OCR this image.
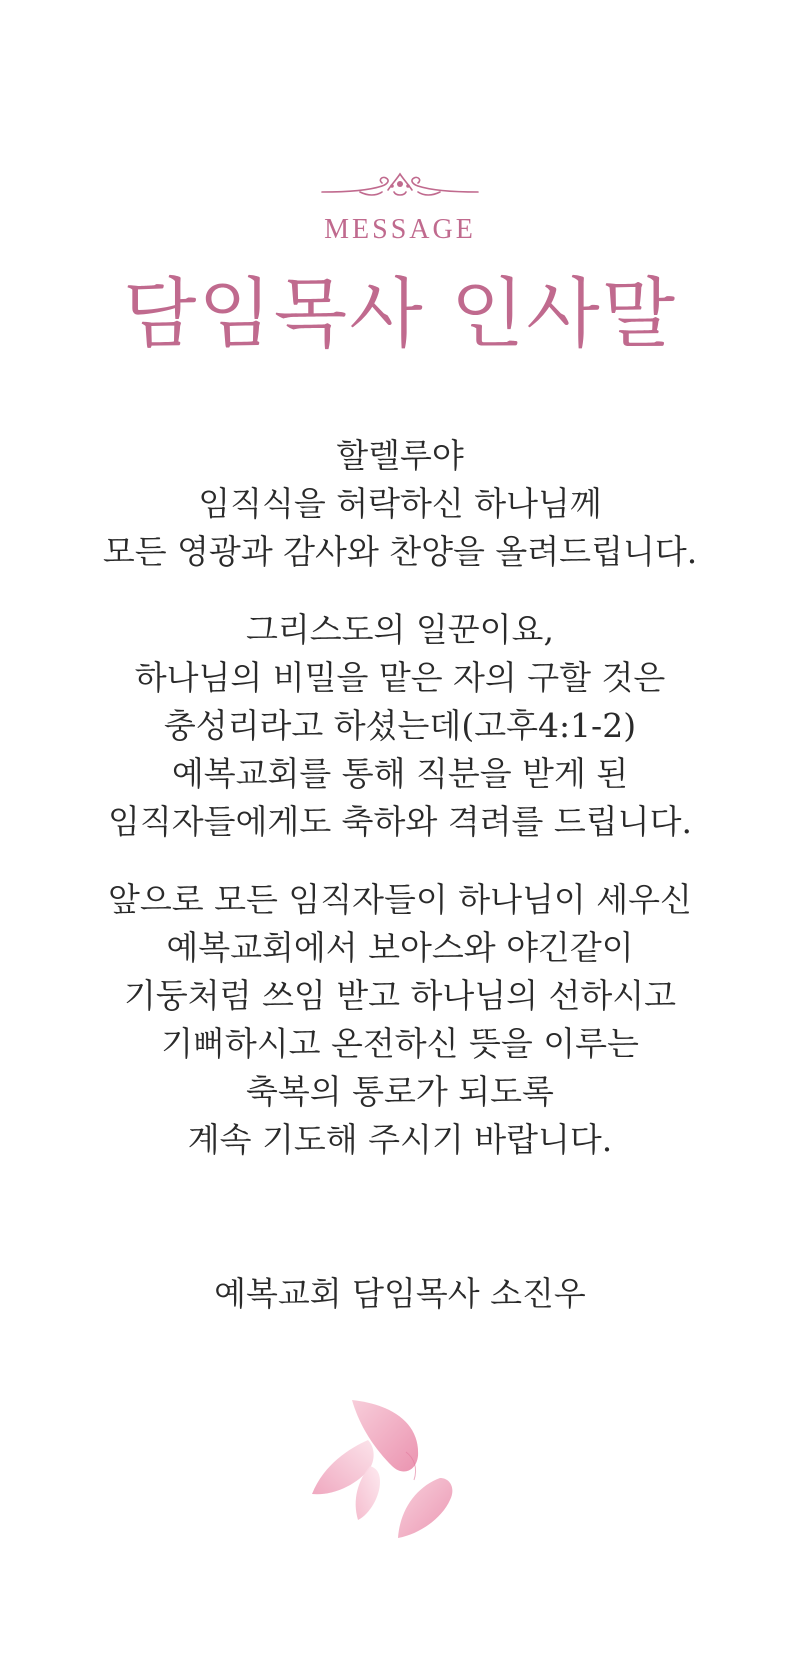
MESSAGE
담임목사 인사말
할렐루야
임직식을 허락하신 하나님께
모든 영광과 감사와 찬양을 올려드립니다.
그리스도의 일꾼이요,
하나님의 비밀을 맡은 자의 구할 것은
충성리라고 하셨는데(고후4:1-2)
예복교회를 통해 직분을 받게 된
임직자들에게도 축하와 격려를 드립니다.
앞으로 모든 임직자들이 하나님이 세우신
예복교회에서 보아스와 야긴같이
기둥처럼 쓰임 받고 하나님의 선하시고
기뻐하시고 온전하신 뜻을 이루는
축복의 통로가 되도록
계속 기도해 주시기 바랍니다.
예복교회 담임목사 소진우
